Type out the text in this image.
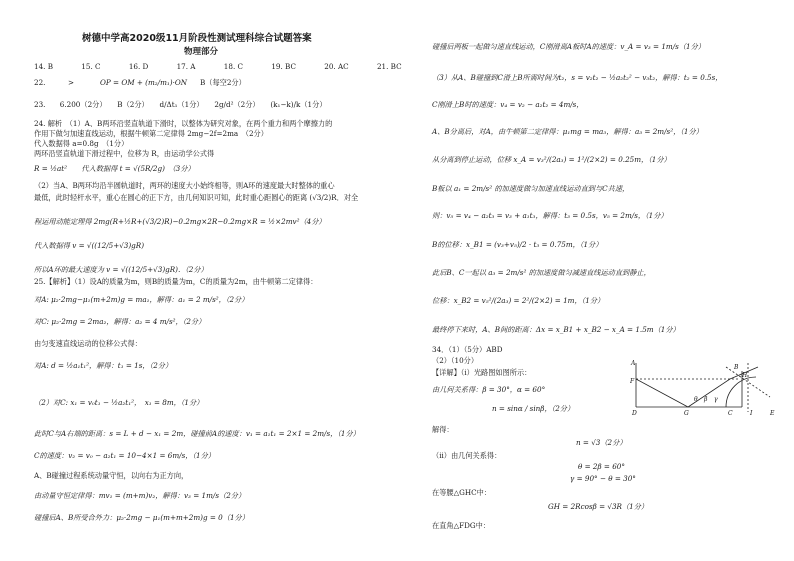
树德中学高2020级11月阶段性测试理科综合试题答案
物理部分
14. B	15. C	16. D	17. A	18. C	19. BC	20. AC	21. BC
22.	>	OP = OM + (m₂/m₁)·ON B（每空2分）
23.　　6.200（2分）　　B（2分）　　d/Δt₁（1分）　　2g/d²（2分）　　(k₁−k)/k（1分）
24. 解析　（1）A、B两环沿竖直轨道下滑时，以整体为研究对象，在两个重力和两个摩擦力的
作用下做匀加速直线运动，根据牛顿第二定律得 2mg−2f=2ma　（2分）
代入数据得 a=0.8g　（1分）
两环沿竖直轨道下滑过程中，位移为 R，由运动学公式得
R = ½at²　　代入数据得 t = √(5R/2g)　（3分）
（2）当A、B两环均沿半圆轨道时，两环的速度大小始终相等，则A环的速度最大时整体的重心
最低，此时轻杆水平，重心在圆心的正下方，由几何知识可知，此时重心距圆心的距离 (√3/2)R．对全
程运用动能定理得 2mg(R+½R+(√3/2)R)−0.2mg×2R−0.2mg×R = ½×2mv²（4分）
代入数据得 v = √((12/5+√3)gR)
所以A环的最大速度为 v = √((12/5+√3)gR)．（2分）
25.【解析】（1）设A的质量为m，则B的质量为m，C的质量为2m，由牛顿第二定律得：
对A: μ₂·2mg−μ₁(m+2m)g = ma₁，解得：a₁ = 2 m/s²，（2分）
对C: μ₂·2mg = 2ma₂，解得：a₂ = 4 m/s²，（2分）
由匀变速直线运动的位移公式得：
对A: d = ½a₁t₁²，解得：t₁ = 1s，（2分）
（2）对C: x₁ = v₀t₁ − ½a₂t₁²，　x₁ = 8m，（1分）
此时C与A右端的距离：s = L + d − x₁ = 2m，碰撞前A的速度：v₁ = a₁t₁ = 2×1 = 2m/s，（1分）
C的速度：v₂ = v₀ − a₂t₁ = 10−4×1 = 6m/s，（1分）
A、B碰撞过程系统动量守恒，以向右为正方向，
由动量守恒定律得：mv₁ = (m+m)v₂，解得：v₃ = 1m/s（2分）
碰撞后A、B所受合外力：μ₂·2mg − μ₁(m+m+2m)g = 0（1分）
碰撞后两板一起做匀速直线运动，C刚滑离A板时A的速度：v_A = v₃ = 1m/s（1分）
（3）从A、B碰撞到C滑上B所需时间为t₂，s = v₂t₂ − ½a₂t₂² − v₃t₂，解得：t₂ = 0.5s，
C刚滑上B时的速度：v₄ = v₂ − a₂t₂ = 4m/s，
A、B分离后，对A，由牛顿第二定律得：μ₁mg = ma₃，解得：a₃ = 2m/s²，（1分）
从分离到停止运动，位移 x_A = v₃²/(2a₃) = 1²/(2×2) = 0.25m，（1分）
B板以 a₁ = 2m/s² 的加速度做匀加速直线运动直到与C共速，
则：v₅ = v₄ − a₂t₃ = v₃ + a₁t₃，解得：t₃ = 0.5s，v₅ = 2m/s，（1分）
B的位移：x_B1 = (v₃+v₅)/2 · t₃ = 0.75m，（1分）
此后B、C一起以 a₃ = 2m/s² 的加速度做匀减速直线运动直到静止，
位移：x_B2 = v₅²/(2a₃) = 2²/(2×2) = 1m，（1分）
最终停下来时，A、B间的距离：Δx = x_B1 + x_B2 − x_A = 1.5m（1分）
34．（1）（5分）ABD
（2）（10分）
【详解】（i）光路图如图所示：
由几何关系得：β = 30°，α = 60°
n = sinα / sinβ，（2分）
解得：
n = √3（2分）
（ii）由几何关系得：
θ = 2β = 60°
γ = 90° − θ = 30°
在等腰△GHC中：
GH = 2Rcosβ = √3R（1分）
在直角△FDG中：
A
F
D	G	C
B
H
I	E
θ β γ
